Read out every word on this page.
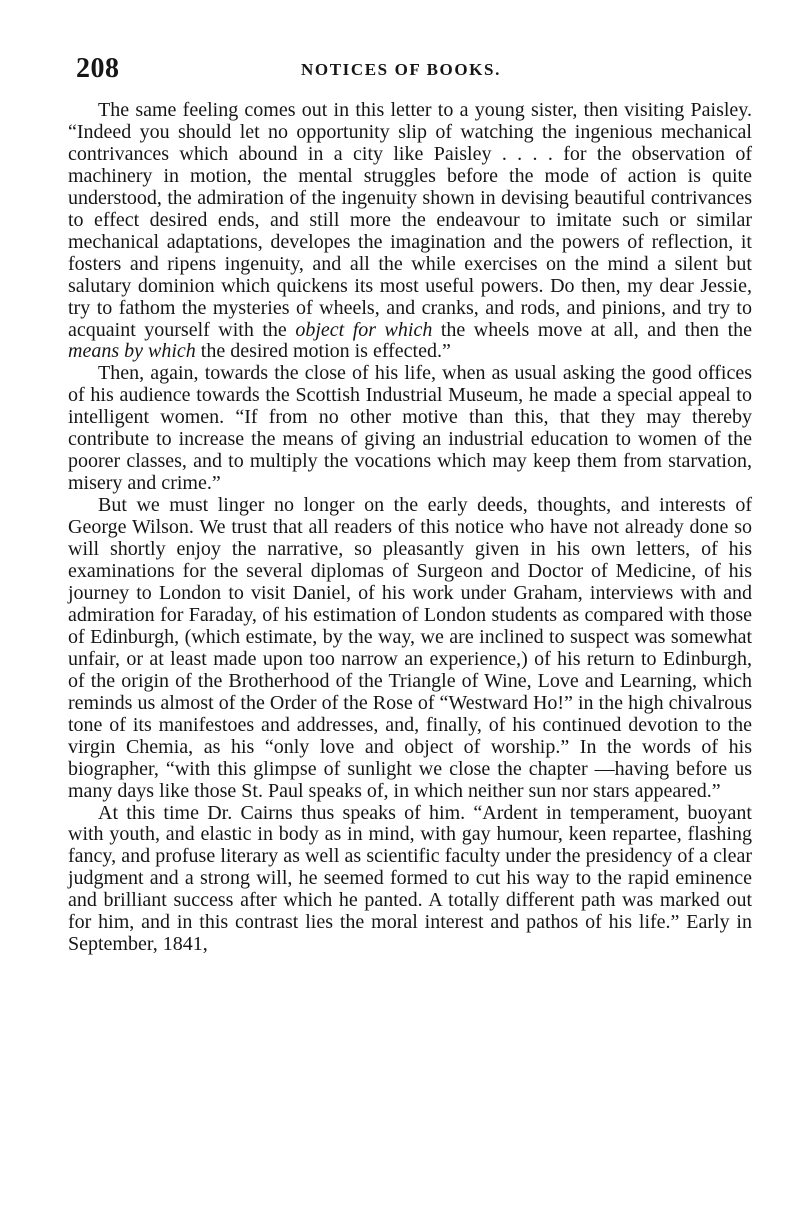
208	NOTICES OF BOOKS.

The same feeling comes out in this letter to a young sister, then visiting Paisley. “Indeed you should let no opportunity slip of watching the ingenious mechanical contrivances which abound in a city like Paisley . . . . for the observation of machinery in motion, the mental struggles before the mode of action is quite understood, the admiration of the ingenuity shown in devising beautiful contrivances to effect desired ends, and still more the endeavour to imitate such or similar mechanical adaptations, developes the imagination and the powers of reflection, it fosters and ripens ingenuity, and all the while exercises on the mind a silent but salutary dominion which quickens its most useful powers. Do then, my dear Jessie, try to fathom the mysteries of wheels, and cranks, and rods, and pinions, and try to acquaint yourself with the object for which the wheels move at all, and then the means by which the desired motion is effected.”

Then, again, towards the close of his life, when as usual asking the good offices of his audience towards the Scottish Industrial Museum, he made a special appeal to intelligent women. “If from no other motive than this, that they may thereby contribute to increase the means of giving an industrial education to women of the poorer classes, and to multiply the vocations which may keep them from starvation, misery and crime.”

But we must linger no longer on the early deeds, thoughts, and interests of George Wilson. We trust that all readers of this notice who have not already done so will shortly enjoy the narrative, so pleasantly given in his own letters, of his examinations for the several diplomas of Surgeon and Doctor of Medicine, of his journey to London to visit Daniel, of his work under Graham, interviews with and admiration for Faraday, of his estimation of London students as compared with those of Edinburgh, (which estimate, by the way, we are inclined to suspect was somewhat unfair, or at least made upon too narrow an experience,) of his return to Edinburgh, of the origin of the Brotherhood of the Triangle of Wine, Love and Learning, which reminds us almost of the Order of the Rose of “Westward Ho!” in the high chivalrous tone of its manifestoes and addresses, and, finally, of his continued devotion to the virgin Chemia, as his “only love and object of worship.” In the words of his biographer, “with this glimpse of sunlight we close the chapter —having before us many days like those St. Paul speaks of, in which neither sun nor stars appeared.”

At this time Dr. Cairns thus speaks of him. “Ardent in temperament, buoyant with youth, and elastic in body as in mind, with gay humour, keen repartee, flashing fancy, and profuse literary as well as scientific faculty under the presidency of a clear judgment and a strong will, he seemed formed to cut his way to the rapid eminence and brilliant success after which he panted. A totally different path was marked out for him, and in this contrast lies the moral interest and pathos of his life.” Early in September, 1841,
